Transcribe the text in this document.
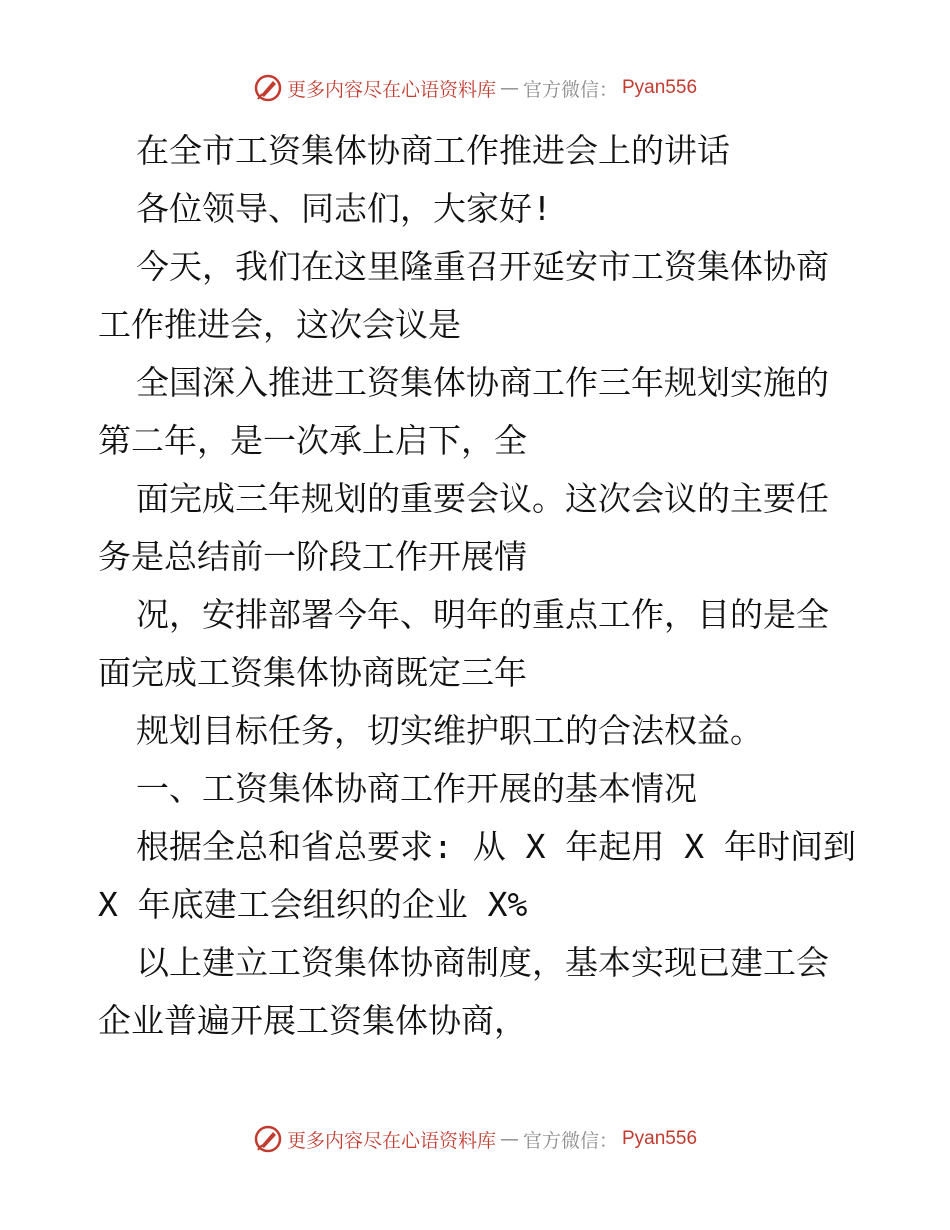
更多内容尽在心语资料库 — 官方微信： Pyan556
在全市工资集体协商工作推进会上的讲话
各位领导、同志们，大家好!
今天，我们在这里隆重召开延安市工资集体协商
工作推进会，这次会议是
全国深入推进工资集体协商工作三年规划实施的
第二年，是一次承上启下，全
面完成三年规划的重要会议。这次会议的主要任
务是总结前一阶段工作开展情
况，安排部署今年、明年的重点工作，目的是全
面完成工资集体协商既定三年
规划目标任务，切实维护职工的合法权益。
一、工资集体协商工作开展的基本情况
根据全总和省总要求: 从 X 年起用 X 年时间到
X 年底建工会组织的企业 X%
以上建立工资集体协商制度，基本实现已建工会
企业普遍开展工资集体协商，
更多内容尽在心语资料库 — 官方微信： Pyan556
